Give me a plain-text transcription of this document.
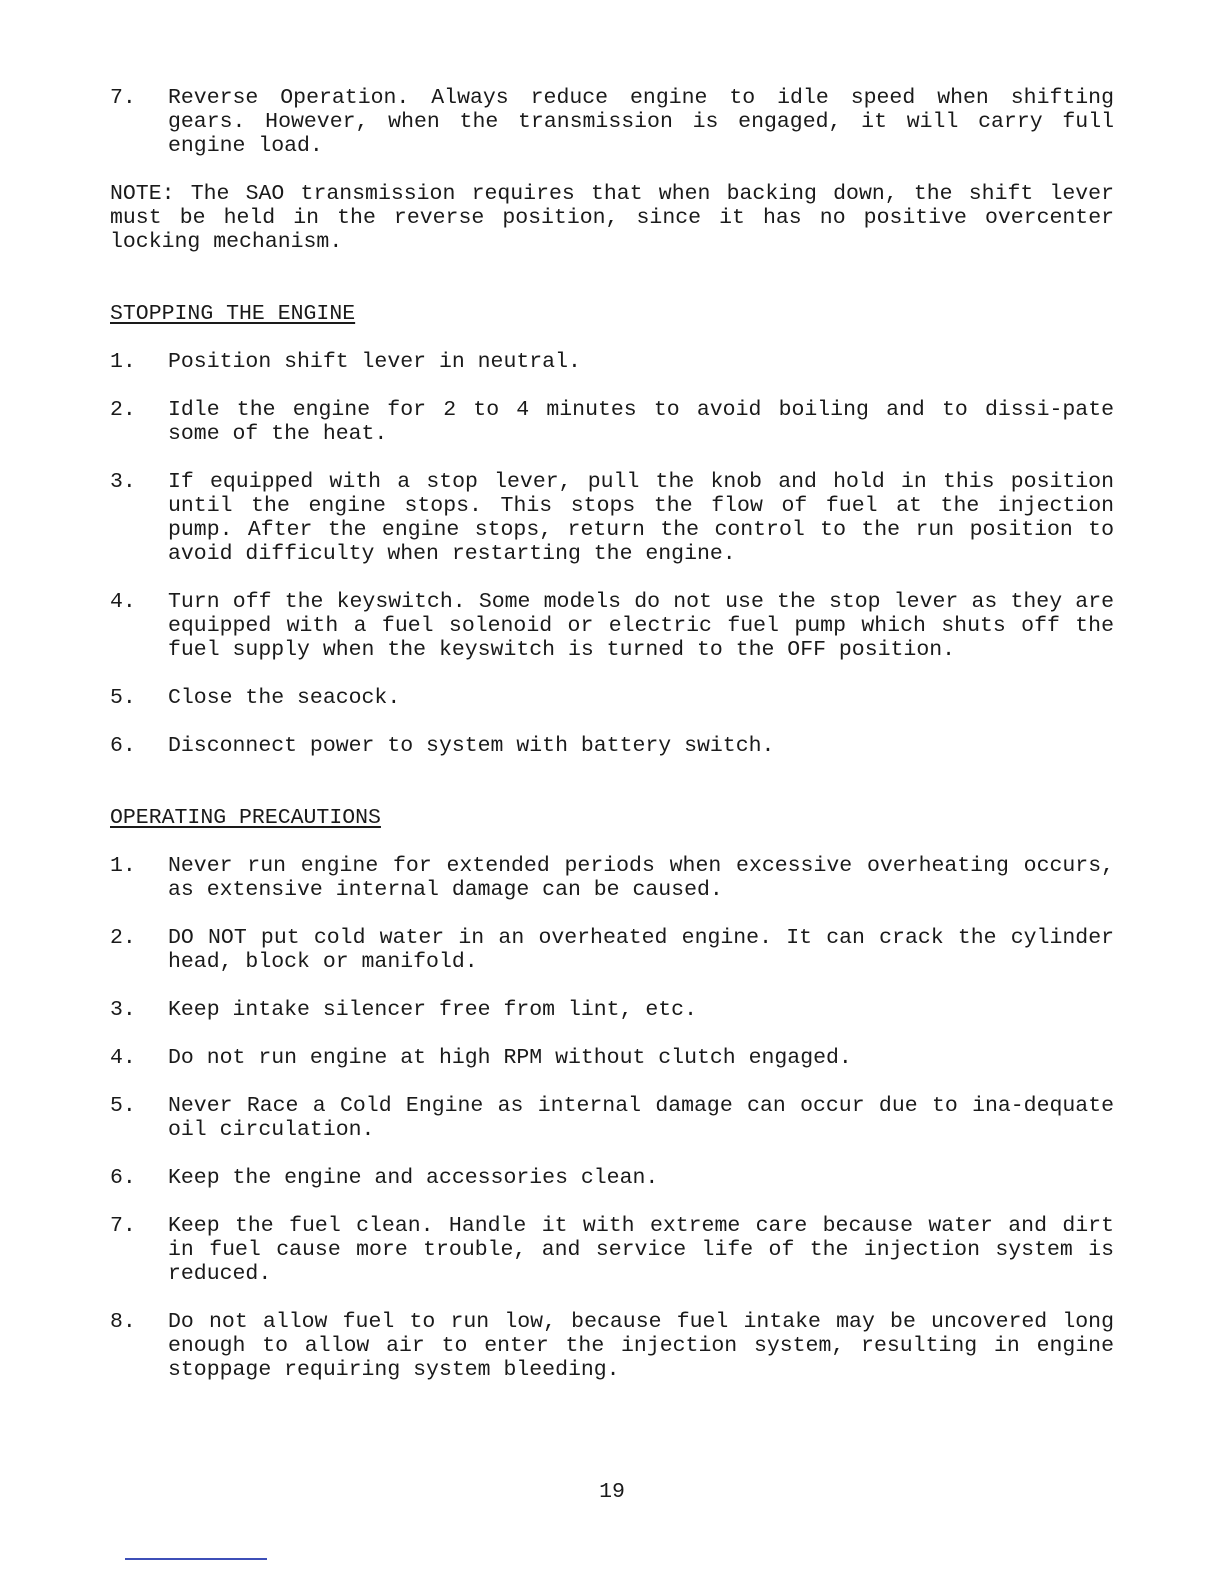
7.	Reverse Operation. Always reduce engine to idle speed when shifting gears. However, when the transmission is engaged, it will carry full engine load.
NOTE: The SAO transmission requires that when backing down, the shift lever must be held in the reverse position, since it has no positive overcenter locking mechanism.
STOPPING THE ENGINE
1.	Position shift lever in neutral.
2.	Idle the engine for 2 to 4 minutes to avoid boiling and to dissi-pate some of the heat.
3.	If equipped with a stop lever, pull the knob and hold in this position until the engine stops. This stops the flow of fuel at the injection pump. After the engine stops, return the control to the run position to avoid difficulty when restarting the engine.
4.	Turn off the keyswitch. Some models do not use the stop lever as they are equipped with a fuel solenoid or electric fuel pump which shuts off the fuel supply when the keyswitch is turned to the OFF position.
5.	Close the seacock.
6.	Disconnect power to system with battery switch.
OPERATING PRECAUTIONS
1.	Never run engine for extended periods when excessive overheating occurs, as extensive internal damage can be caused.
2.	DO NOT put cold water in an overheated engine. It can crack the cylinder head, block or manifold.
3.	Keep intake silencer free from lint, etc.
4.	Do not run engine at high RPM without clutch engaged.
5.	Never Race a Cold Engine as internal damage can occur due to ina-dequate oil circulation.
6.	Keep the engine and accessories clean.
7.	Keep the fuel clean. Handle it with extreme care because water and dirt in fuel cause more trouble, and service life of the injection system is reduced.
8.	Do not allow fuel to run low, because fuel intake may be uncovered long enough to allow air to enter the injection system, resulting in engine stoppage requiring system bleeding.
19
